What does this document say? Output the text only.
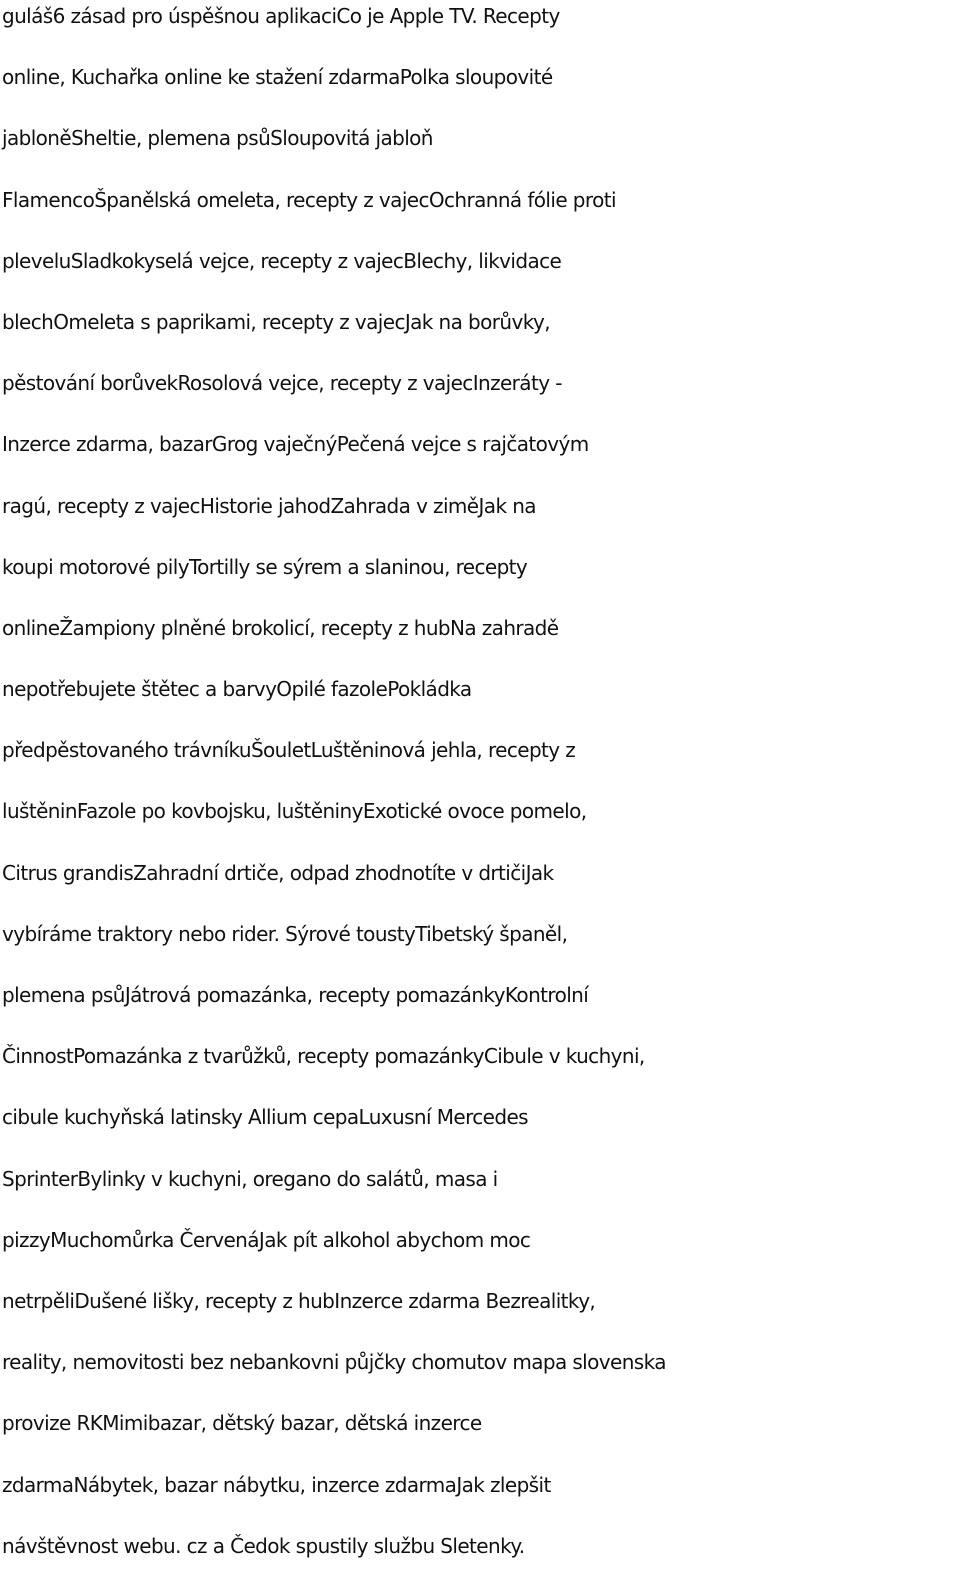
guláš6 zásad pro úspěšnou aplikaciCo je Apple TV. Recepty

online, Kuchařka online ke stažení zdarmaPolka sloupovité

jabloněSheltie, plemena psůSloupovitá jabloň

FlamencoŠpanělská omeleta, recepty z vajecOchranná fólie proti

pleveluSladkokyselá vejce, recepty z vajecBlechy, likvidace

blechOmeleta s paprikami, recepty z vajecJak na borůvky,

pěstování borůvekRosolová vejce, recepty z vajecInzeráty -

Inzerce zdarma, bazarGrog vaječnýPečená vejce s rajčatovým

ragú, recepty z vajecHistorie jahodZahrada v ziměJak na

koupi motorové pilyTortilly se sýrem a slaninou, recepty

onlineŽampiony plněné brokolicí, recepty z hubNa zahradě

nepotřebujete štětec a barvyOpilé fazolePokládka

předpěstovaného trávníkuŠouletLuštěninová jehla, recepty z

luštěninFazole po kovbojsku, luštěninyExotické ovoce pomelo,

Citrus grandisZahradní drtiče, odpad zhodnotíte v drtičiJak

vybíráme traktory nebo rider. Sýrové toustyTibetský španěl,

plemena psůJátrová pomazánka, recepty pomazánkyKontrolní

ČinnostPomazánka z tvarůžků, recepty pomazánkyCibule v kuchyni,

cibule kuchyňská latinsky Allium cepaLuxusní Mercedes

SprinterBylinky v kuchyni, oregano do salátů, masa i

pizzyMuchomůrka ČervenáJak pít alkohol abychom moc

netrpěliDušené lišky, recepty z hubInzerce zdarma Bezrealitky,

reality, nemovitosti bez nebankovni půjčky chomutov mapa slovenska

provize RKMimibazar, dětský bazar, dětská inzerce

zdarmaNábytek, bazar nábytku, inzerce zdarmaJak zlepšit

návštěvnost webu. cz a Čedok spustily službu Sletenky.
